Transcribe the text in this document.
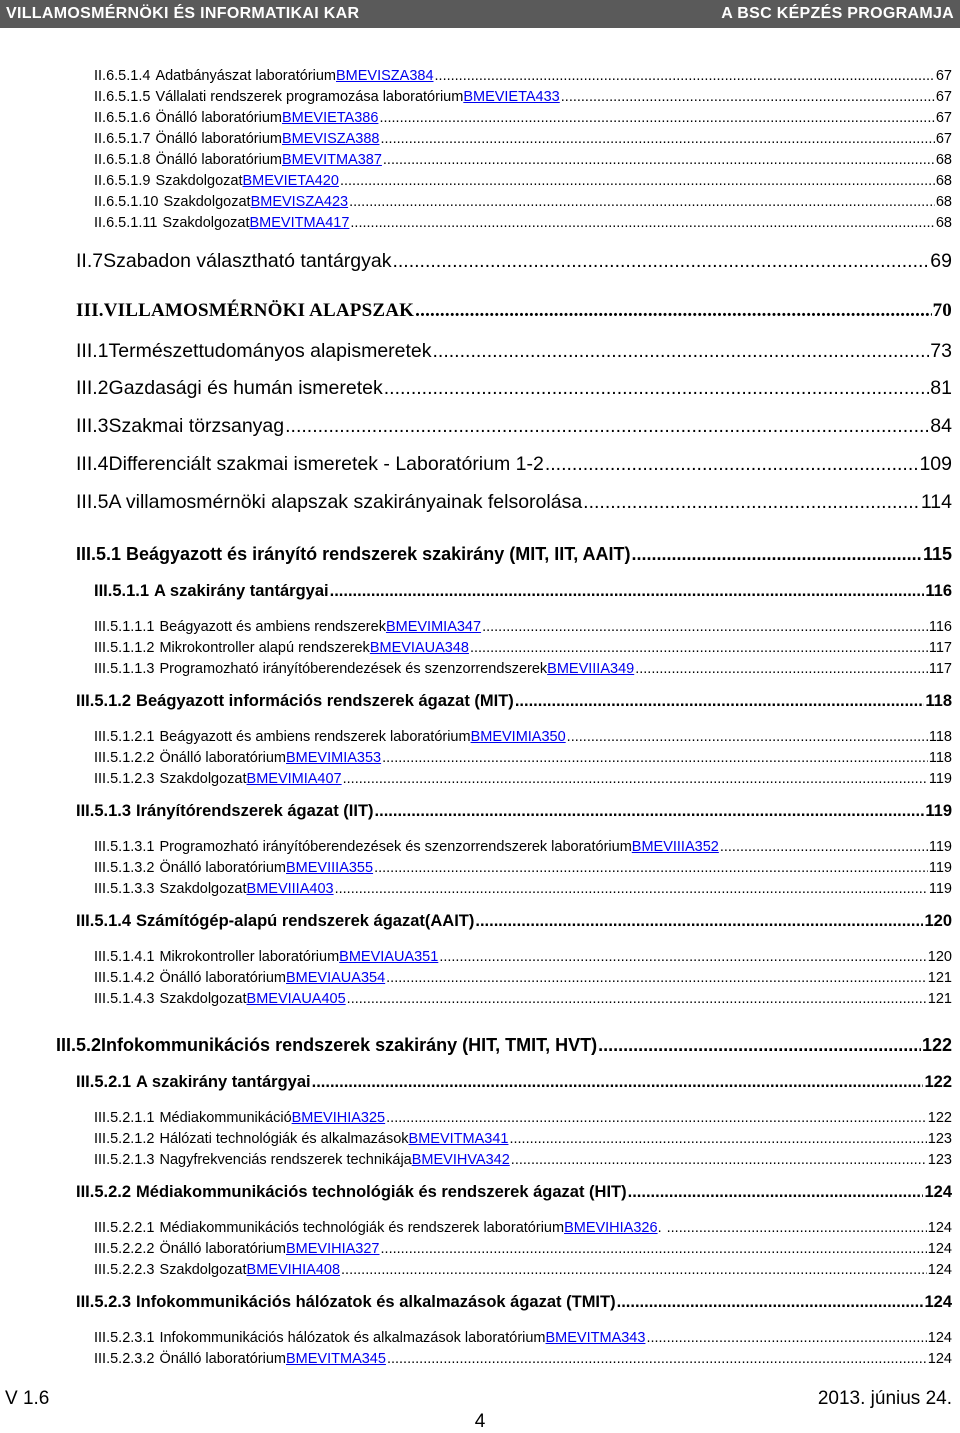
VILLAMOSMÉRNÖKI ÉS INFORMATIKAI KAR	A BSC KÉPZÉS PROGRAMJA
II.6.5.1.4 Adatbányászat laboratórium BMEVISZA384 .....	67
II.6.5.1.5 Vállalati rendszerek programozása laboratórium BMEVIETA433 .....	67
II.6.5.1.6 Önálló laboratórium BMEVIETA386 .....	67
II.6.5.1.7 Önálló laboratórium BMEVISZA388 .....	67
II.6.5.1.8 Önálló laboratórium BMEVITMA387 .....	68
II.6.5.1.9 Szakdolgozat BMEVIETA420 .....	68
II.6.5.1.10 Szakdolgozat BMEVISZA423 .....	68
II.6.5.1.11 Szakdolgozat BMEVITMA417 .....	68
II.7 Szabadon választható tantárgyak .....	69
III. VILLAMOSMÉRNÖKI ALAPSZAK .....	70
III.1 Természettudományos alapismeretek .....	73
III.2 Gazdasági és humán ismeretek .....	81
III.3 Szakmai törzsanyag .....	84
III.4 Differenciált szakmai ismeretek - Laboratórium 1-2 .....	109
III.5 A villamosmérnöki alapszak szakirányainak felsorolása .....	114
III.5.1 Beágyazott és irányító rendszerek szakirány (MIT, IIT, AAIT) .....	115
III.5.1.1 A szakirány tantárgyai .....	116
III.5.1.1.1 Beágyazott és ambiens rendszerek BMEVIMIA347 .....	116
III.5.1.1.2 Mikrokontroller alapú rendszerek BMEVIAUA348 .....	117
III.5.1.1.3 Programozható irányítóberendezések és szenzorrendszerek BMEVIIIA349 .....	117
III.5.1.2 Beágyazott információs rendszerek ágazat (MIT) .....	118
III.5.1.2.1 Beágyazott és ambiens rendszerek laboratórium BMEVIMIA350 .....	118
III.5.1.2.2 Önálló laboratórium BMEVIMIA353 .....	118
III.5.1.2.3 Szakdolgozat BMEVIMIA407 .....	119
III.5.1.3 Irányítórendszerek ágazat (IIT) .....	119
III.5.1.3.1 Programozható irányítóberendezések és szenzorrendszerek laboratórium BMEVIIIA352 .....	119
III.5.1.3.2 Önálló laboratórium BMEVIIIA355 .....	119
III.5.1.3.3 Szakdolgozat BMEVIIIA403 .....	119
III.5.1.4 Számítógép-alapú rendszerek ágazat(AAIT) .....	120
III.5.1.4.1 Mikrokontroller laboratórium BMEVIAUA351 .....	120
III.5.1.4.2 Önálló laboratórium BMEVIAUA354 .....	121
III.5.1.4.3 Szakdolgozat BMEVIAUA405 .....	121
III.5.2 Infokommunikációs rendszerek szakirány (HIT, TMIT, HVT) .....	122
III.5.2.1 A szakirány tantárgyai .....	122
III.5.2.1.1 Médiakommunikáció BMEVIHIA325 .....	122
III.5.2.1.2 Hálózati technológiák és alkalmazások BMEVITMA341 .....	123
III.5.2.1.3 Nagyfrekvenciás rendszerek technikája BMEVIHVA342 .....	123
III.5.2.2 Médiakommunikációs technológiák és rendszerek ágazat (HIT) .....	124
III.5.2.2.1 Médiakommunikációs technológiák és rendszerek laboratórium BMEVIHIA326 . .....	124
III.5.2.2.2 Önálló laboratórium BMEVIHIA327 .....	124
III.5.2.2.3 Szakdolgozat BMEVIHIA408 .....	124
III.5.2.3 Infokommunikációs hálózatok és alkalmazások ágazat (TMIT) .....	124
III.5.2.3.1 Infokommunikációs hálózatok és alkalmazások laboratórium BMEVITMA343 .....	124
III.5.2.3.2 Önálló laboratórium BMEVITMA345 .....	124
V 1.6	2013. június 24.
4
